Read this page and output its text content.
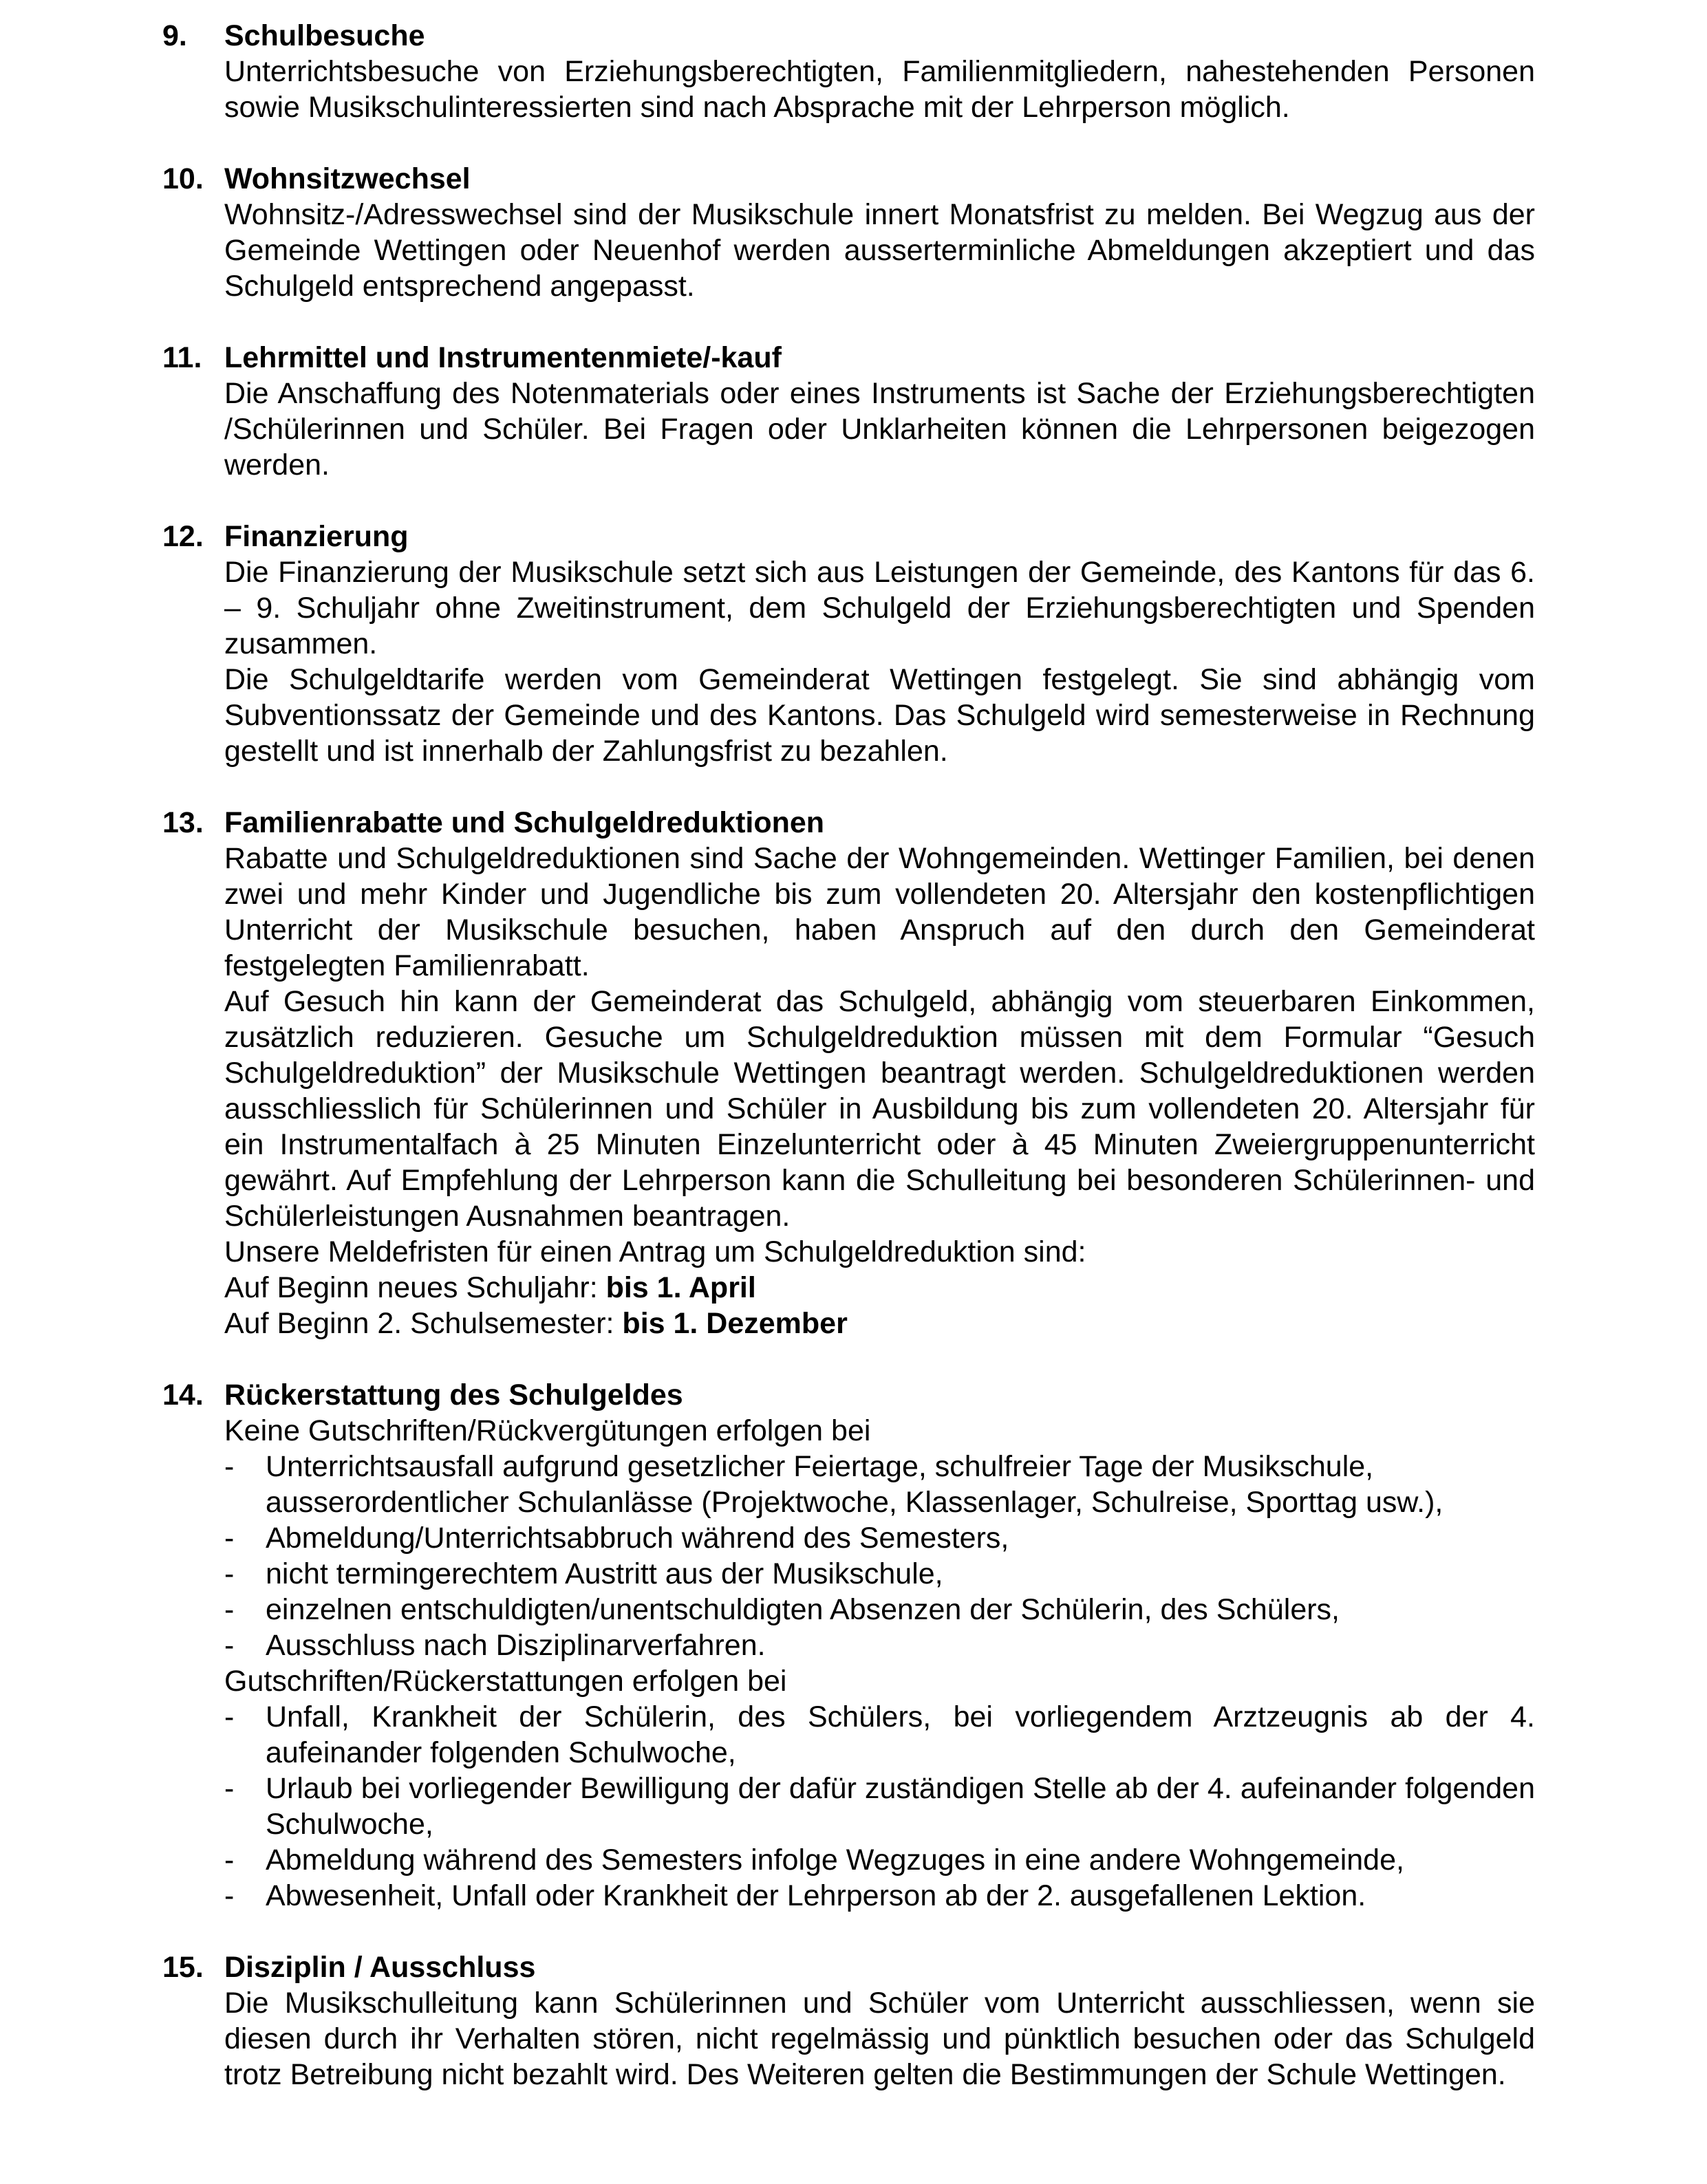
9.	Schulbesuche
Unterrichtsbesuche von Erziehungsberechtigten, Familienmitgliedern, nahestehenden Personen sowie Musikschulinteressierten sind nach Absprache mit der Lehrperson möglich.
10. Wohnsitzwechsel
Wohnsitz-/Adresswechsel sind der Musikschule innert Monatsfrist zu melden. Bei Wegzug aus der Gemeinde Wettingen oder Neuenhof werden ausserterminliche Abmeldungen akzeptiert und das Schulgeld entsprechend angepasst.
11. Lehrmittel und Instrumentenmiete/-kauf
Die Anschaffung des Notenmaterials oder eines Instruments ist Sache der Erziehungsberechtigten /Schülerinnen und Schüler. Bei Fragen oder Unklarheiten können die Lehrpersonen beigezogen werden.
12. Finanzierung
Die Finanzierung der Musikschule setzt sich aus Leistungen der Gemeinde, des Kantons für das 6. – 9. Schuljahr ohne Zweitinstrument, dem Schulgeld der Erziehungsberechtigten und Spenden zusammen.
Die Schulgeldtarife werden vom Gemeinderat Wettingen festgelegt. Sie sind abhängig vom Subventionssatz der Gemeinde und des Kantons. Das Schulgeld wird semesterweise in Rechnung gestellt und ist innerhalb der Zahlungsfrist zu bezahlen.
13. Familienrabatte und Schulgeldreduktionen
Rabatte und Schulgeldreduktionen sind Sache der Wohngemeinden. Wettinger Familien, bei denen zwei und mehr Kinder und Jugendliche bis zum vollendeten 20. Altersjahr den kostenpflichtigen Unterricht der Musikschule besuchen, haben Anspruch auf den durch den Gemeinderat festgelegten Familienrabatt.
Auf Gesuch hin kann der Gemeinderat das Schulgeld, abhängig vom steuerbaren Einkommen, zusätzlich reduzieren. Gesuche um Schulgeldreduktion müssen mit dem Formular “Gesuch Schulgeldreduktion” der Musikschule Wettingen beantragt werden. Schulgeldreduktionen werden ausschliesslich für Schülerinnen und Schüler in Ausbildung bis zum vollendeten 20. Altersjahr für ein Instrumentalfach à 25 Minuten Einzelunterricht oder à 45 Minuten Zweiergruppenunterricht gewährt. Auf Empfehlung der Lehrperson kann die Schulleitung bei besonderen Schülerinnen- und Schülerleistungen Ausnahmen beantragen.
Unsere Meldefristen für einen Antrag um Schulgeldreduktion sind:
Auf Beginn neues Schuljahr: bis 1. April
Auf Beginn 2. Schulsemester: bis 1. Dezember
14. Rückerstattung des Schulgeldes
Keine Gutschriften/Rückvergütungen erfolgen bei
-	Unterrichtsausfall aufgrund gesetzlicher Feiertage, schulfreier Tage der Musikschule, ausserordentlicher Schulanlässe (Projektwoche, Klassenlager, Schulreise, Sporttag usw.),
-	Abmeldung/Unterrichtsabbruch während des Semesters,
-	nicht termingerechtem Austritt aus der Musikschule,
-	einzelnen entschuldigten/unentschuldigten Absenzen der Schülerin, des Schülers,
-	Ausschluss nach Disziplinarverfahren.
Gutschriften/Rückerstattungen erfolgen bei
-	Unfall, Krankheit der Schülerin, des Schülers, bei vorliegendem Arztzeugnis ab der 4. aufeinander folgenden Schulwoche,
-	Urlaub bei vorliegender Bewilligung der dafür zuständigen Stelle ab der 4. aufeinander folgenden Schulwoche,
-	Abmeldung während des Semesters infolge Wegzuges in eine andere Wohngemeinde,
-	Abwesenheit, Unfall oder Krankheit der Lehrperson ab der 2. ausgefallenen Lektion.
15. Disziplin / Ausschluss
Die Musikschulleitung kann Schülerinnen und Schüler vom Unterricht ausschliessen, wenn sie diesen durch ihr Verhalten stören, nicht regelmässig und pünktlich besuchen oder das Schulgeld trotz Betreibung nicht bezahlt wird. Des Weiteren gelten die Bestimmungen der Schule Wettingen.
